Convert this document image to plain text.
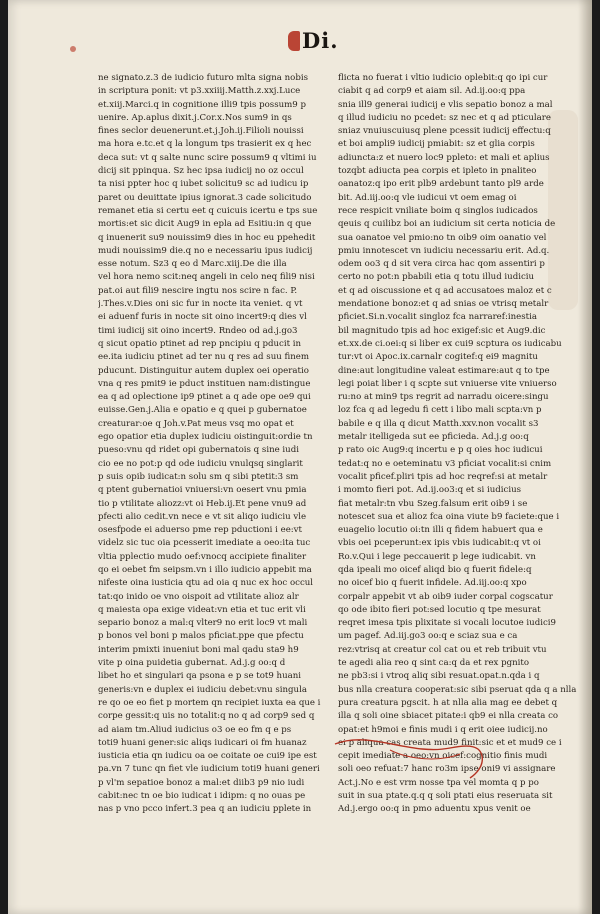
Di.
ne signato.z.3 de iudicio futuro mlta signa nobis
in scriptura ponit: vt p3.xxiiij.Matth.z.xxj.Luce
et.xiij.Marci.q in cognitione illi9 tpis possum9 p
uenire. Ap.aplus dixit.j.Cor.x.Nos sum9 in qs
fines seclor deuenerunt.et.j.Joh.ij.Filioli nouissi
ma hora e.tc.et q la longum tps trasierit ex q hec
deca sut: vt q salte nunc scire possum9 q vltimi iu
dicij sit ppinqua. Sz hec ipsa iudicij no oz occul
ta nisi ppter hoc q iubet solicitu9 sc ad iudicu ip
paret ou deuittate ipius ignorat.3 cade solicitudo
remanet etia si certu eet q cuicuis icertu e tps sue
mortis:et sic dicit Aug9 in epla ad Esitiu:in q que
q inuenerit su9 nouissim9 dies in hoc eu ppehedit
mudi nouissim9 die.q no e necessariu ipus iudicij
esse notum. Sz3 q eo d Marc.xiij.De die illa
vel hora nemo scit:neq angeli in celo neq fili9 nisi
pat.oi aut fili9 nescire ingtu nos scire n fac. P.
j.Thes.v.Dies oni sic fur in nocte ita veniet. q vt
ei aduenf furis in nocte sit oino incert9:q dies vl
timi iudicij sit oino incert9. Rndeo od ad.j.go3
q sicut opatio ptinet ad rep pncipiu q pducit in
ee.ita iudiciu ptinet ad ter nu q res ad suu finem
pducunt. Distinguitur autem duplex oei operatio
vna q res pmit9 ie pduct instituen nam:distingue
ea q ad oplectione ip9 ptinet a q ade ope oe9 qui
euisse.Gen.j.Alia e opatio e q quei p gubernatoe
creaturar:oe q Joh.v.Pat meus vsq mo opat et
ego opatior etia duplex iudiciu oistinguit:ordie tn
pueso:vnu qd ridet opi gubernatois q sine iudi
cio ee no pot:p qd ode iudiciu vnulqsq singlarit
p suis opib iudicat:n solu sm q sibi ptetit:3 sm
q ptent gubernatioi vniuersi:vn oesert vnu pmia
tio p vtilitate aliozz:vt oi Heb.ij.Et pene vnu9 ad
pfecti alio cedit.vn nece e vt sit aliqo iudiciu vle
osesfpode ei aduerso pme rep pductioni i ee:vt
videlz sic tuc oia pcesserit imediate a oeo:ita tuc
vltia pplectio mudo oef:vnocq accipiete finaliter
qo ei oebet fm seipsm.vn i illo iudicio appebit ma
nifeste oina iusticia qtu ad oia q nuc ex hoc occul
tat:qo inido oe vno oispoit ad vtilitate alioz alr
q maiesta opa exige videat:vn etia et tuc erit vli
separio bonoz a mal:q vlter9 no erit loc9 vt mali
p bonos vel boni p malos pficiat.ppe que pfectu
interim pmixti inueniut boni mal qadu sta9 h9
vite p oina puidetia gubernat. Ad.j.g oo:q d
libet ho et singulari qa psona e p se tot9 huani
generis:vn e duplex ei iudiciu debet:vnu singula
re qo oe eo fiet p mortem qn recipiet iuxta ea que i
corpe gessit:q uis no totalit:q no q ad corp9 sed q
ad aiam tm.Aliud iudicius o3 oe eo fm q e ps
toti9 huani gener:sic aliqs iudicari oi fm huanaz
iusticia etia qn iudicu oa oe coitate oe cui9 ipe est
pa.vn 7 tunc qn fiet vle iudicium toti9 huani generi
p vl'm sepatioe bonoz a mal:et diib3 p9 nio iudi
cabit:nec tn oe bio iudicat i idipm: q no ouas pe
nas p vno pcco infert.3 pea q an iudiciu pplete in
flicta no fuerat i vltio iudicio oplebit:q qo ipi cur
ciabit q ad corp9 et aiam sil. Ad.ij.oo:q ppa
snia ill9 generai iudicij e vlis sepatio bonoz a mal
q illud iudiciu no pcedet: sz nec et q ad pticulare
sniaz vnuiuscuiusq plene pcessit iudicij effectu:q
et boi ampli9 iudicij pmiabit: sz et glia corpis
adiuncta:z et nuero loc9 ppleto: et mali et aplius
tozqbt adiucta pea corpis et ipleto in pnaliteo
oanatoz:q ipo erit plb9 ardebunt tanto pl9 arde
bit. Ad.iij.oo:q vle iudicui vt oem emag oi
rece respicit vniliate boim q singlos iudicados
qeuis q cuilibz boi an iudicium sit certa noticia de
sua oanatoe vel pmio:no tn oib9 oim oanatio vel
pmiu innotescet vn iudiciu necessariu erit. Ad.q.
odem oo3 q d sit vera circa hac qom assentiri p
certo no pot:n pbabili etia q totu illud iudiciu
et q ad oiscussione et q ad accusatoes maloz et c
mendatione bonoz:et q ad snias oe vtrisq metalr
pficiet.Si.n.vocalit singloz fca narraref:inestia
bil magnitudo tpis ad hoc exigef:sic et Aug9.dic
et.xx.de ci.oei:q si liber ex cui9 scptura os iudicabu
tur:vt oi Apoc.ix.carnalr cogitef:q ei9 magnitu
dine:aut longitudine valeat estimare:aut q to tpe
legi poiat liber i q scpte sut vniuerse vite vniuerso
ru:no at min9 tps regrit ad narradu oicere:singu
loz fca q ad legedu fi cett i libo mali scpta:vn p
babile e q illa q dicut Matth.xxv.non vocalit s3
metalr itelligeda sut ee pficieda. Ad.j.g oo:q
p rato oic Aug9:q incertu e p q oies hoc iudicui
tedat:q no e oeteminatu v3 pficiat vocalit:si cnim
vocalit pficef.pliri tpis ad hoc reqref:si at metalr
i momto fieri pot. Ad.ij.oo3:q et si iudicius
fiat metalr:tn vbu Szeg.falsum erit oib9 i se
notescet sua et alioz fca oina viute b9 faciete:que i
euagelio locutio oi:tn illi q fidem habuert qua e
vbis oei pceperunt:ex ipis vbis iudicabit:q vt oi
Ro.v.Qui i lege peccauerit p lege iudicabit. vn
qda ipeali mo oicef aliqd bio q fuerit fidele:q
no oicef bio q fuerit infidele. Ad.iij.oo:q xpo
corpalr appebit vt ab oib9 iuder corpal cogscatur
qo ode ibito fieri pot:sed locutio q tpe mesurat
reqret imesa tpis plixitate si vocali locutoe iudici9
um pagef. Ad.iij.go3 oo:q e sciaz sua e ca
rez:vtrisq at creatur col cat ou et reb tribuit vtu
te agedi alia reo q sint ca:q da et rex pgnito
ne pb3:si i vtroq aliq sibi resuat.opat.n.qda i q
bus nlla creatura cooperat:sic sibi pseruat qda q a nlla
pura creatura pgscit. h at nlla alia mag ee debet q
illa q soli oine sbiacet pitate:i qb9 ei nlla creata co
opat:et h9moi e finis mudi i q erit oiee iudicij.no
ei p aliqua cas creata mud9 finit:sic et et mud9 ce i
cepit imediate a oeo:vn oicef:cognitio finis mudi
soli oeo refuat:7 hanc ro3m ipse oni9 vi assignare
Act.j.No e est vrm nosse tpa vel momta q p po
suit in sua ptate.q.q q soli ptati eius reseruata sit
Ad.j.ergo oo:q in pmo aduentu xpus venit oe
